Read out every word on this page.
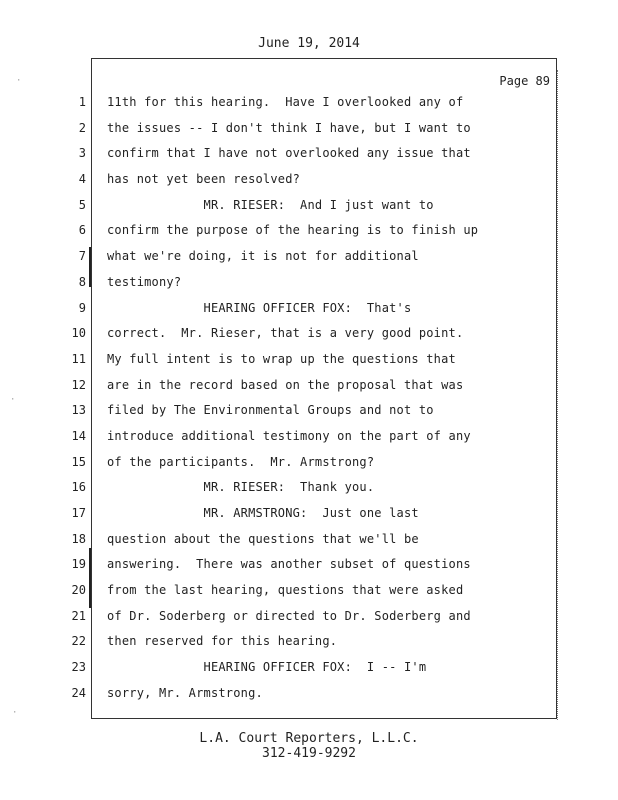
June 19, 2014
Page 89
1
2
3
4
5
6
7
8
9
10
11
12
13
14
15
16
17
18
19
20
21
22
23
24
11th for this hearing.  Have I overlooked any of
the issues -- I don't think I have, but I want to
confirm that I have not overlooked any issue that
has not yet been resolved?
MR. RIESER:  And I just want to
confirm the purpose of the hearing is to finish up
what we're doing, it is not for additional
testimony?
HEARING OFFICER FOX:  That's
correct.  Mr. Rieser, that is a very good point.
My full intent is to wrap up the questions that
are in the record based on the proposal that was
filed by The Environmental Groups and not to
introduce additional testimony on the part of any
of the participants.  Mr. Armstrong?
MR. RIESER:  Thank you.
MR. ARMSTRONG:  Just one last
question about the questions that we'll be
answering.  There was another subset of questions
from the last hearing, questions that were asked
of Dr. Soderberg or directed to Dr. Soderberg and
then reserved for this hearing.
HEARING OFFICER FOX:  I -- I'm
sorry, Mr. Armstrong.
L.A. Court Reporters, L.L.C.
312-419-9292
·
·
·
